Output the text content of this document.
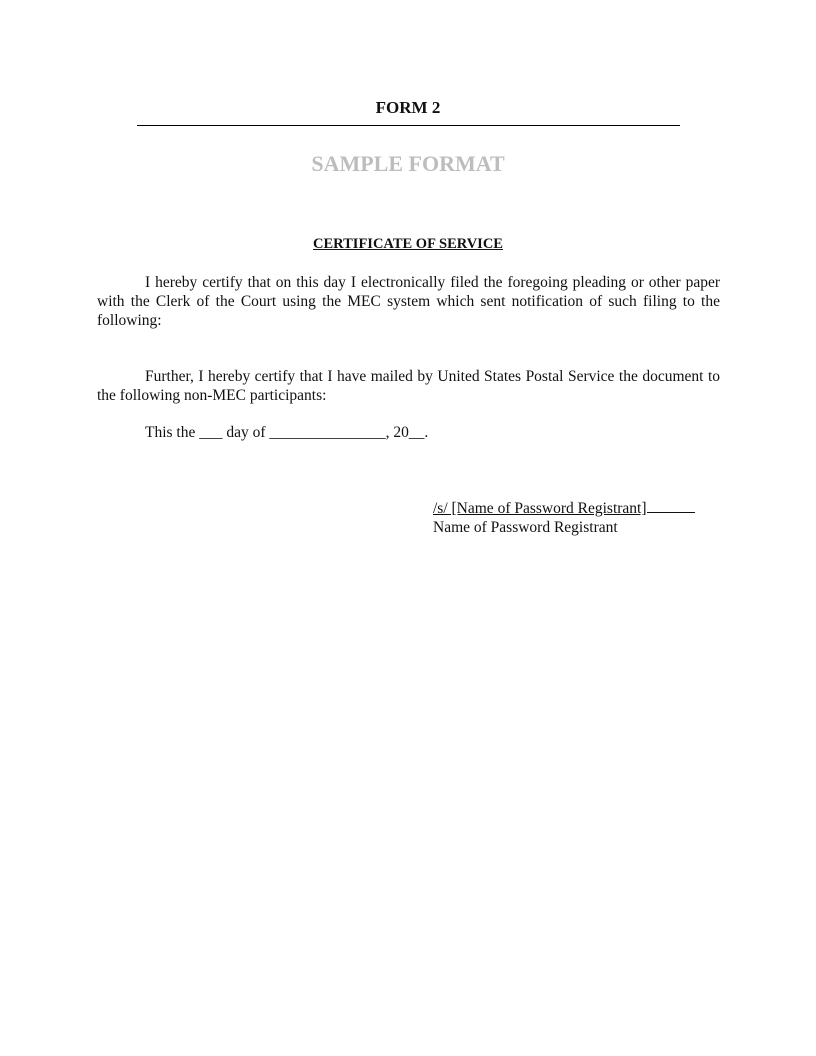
FORM 2
SAMPLE FORMAT
CERTIFICATE OF SERVICE
I hereby certify that on this day I electronically filed the foregoing pleading or other paper with the Clerk of the Court using the MEC system which sent notification of such filing to the following:
Further, I hereby certify that I have mailed by United States Postal Service the document to the following non-MEC participants:
This the ___ day of _______________, 20__.
/s/ [Name of Password Registrant]
Name of Password Registrant
